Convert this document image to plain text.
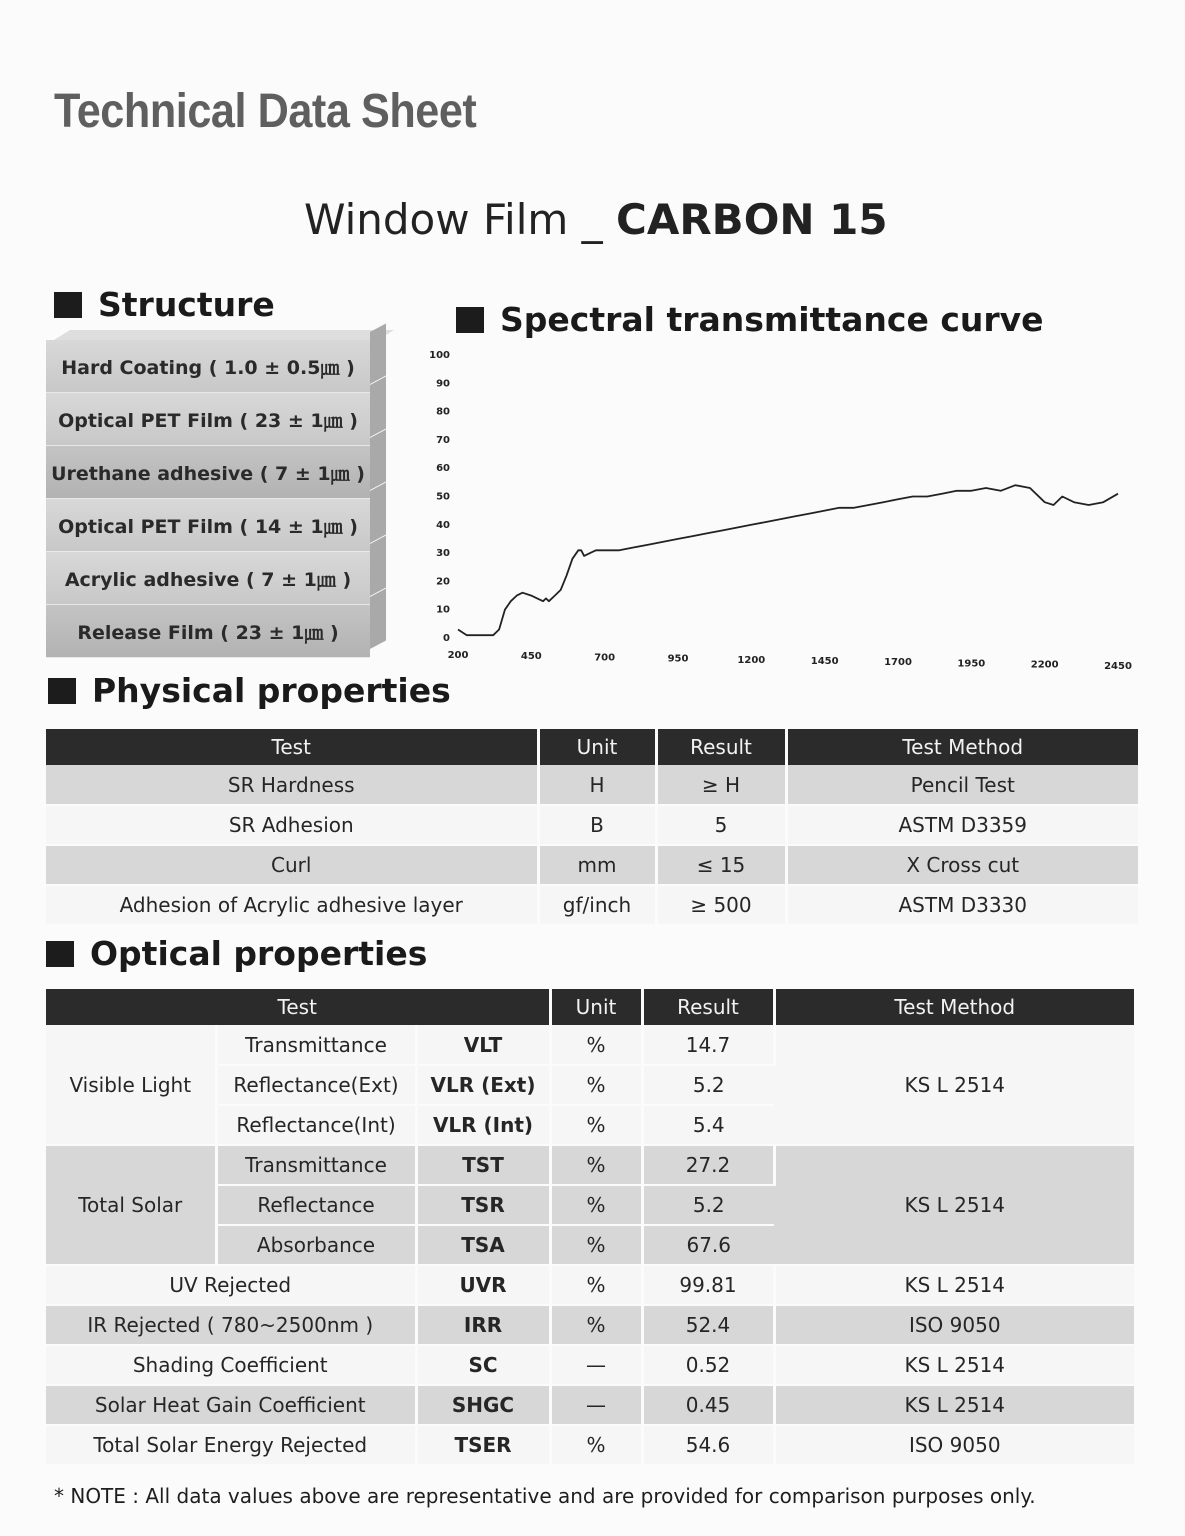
Technical Data Sheet
Window Film _ CARBON 15
Structure
Hard Coating ( 1.0 ± 0.5㎛ )
Optical PET Film ( 23 ± 1㎛ )
Urethane adhesive ( 7 ± 1㎛ )
Optical PET Film ( 14 ± 1㎛ )
Acrylic adhesive ( 7 ± 1㎛ )
Release Film ( 23 ± 1㎛ )
Spectral transmittance curve
0
10
20
30
40
50
60
70
80
90
100
200	450	700	950	1200	1450	1700	1950	2200	2450
Physical properties
Test	Unit	Result	Test Method
SR Hardness	H	≥ H	Pencil Test
SR Adhesion	B	5	ASTM D3359
Curl	mm	≤ 15	X Cross cut
Adhesion of Acrylic adhesive layer	gf/inch	≥ 500	ASTM D3330
Optical properties
Test			Unit	Result	Test Method
Visible Light	Transmittance	VLT	%	14.7	KS L 2514
	Reflectance(Ext)	VLR (Ext)	%	5.2	
	Reflectance(Int)	VLR (Int)	%	5.4	
Total Solar	Transmittance	TST	%	27.2	KS L 2514
	Reflectance	TSR	%	5.2	
	Absorbance	TSA	%	67.6	
UV Rejected		UVR	%	99.81	KS L 2514
IR Rejected ( 780~2500nm )		IRR	%	52.4	ISO 9050
Shading Coefficient		SC	—	0.52	KS L 2514
Solar Heat Gain Coefficient		SHGC	—	0.45	KS L 2514
Total Solar Energy Rejected		TSER	%	54.6	ISO 9050
* NOTE : All data values above are representative and are provided for comparison purposes only.
